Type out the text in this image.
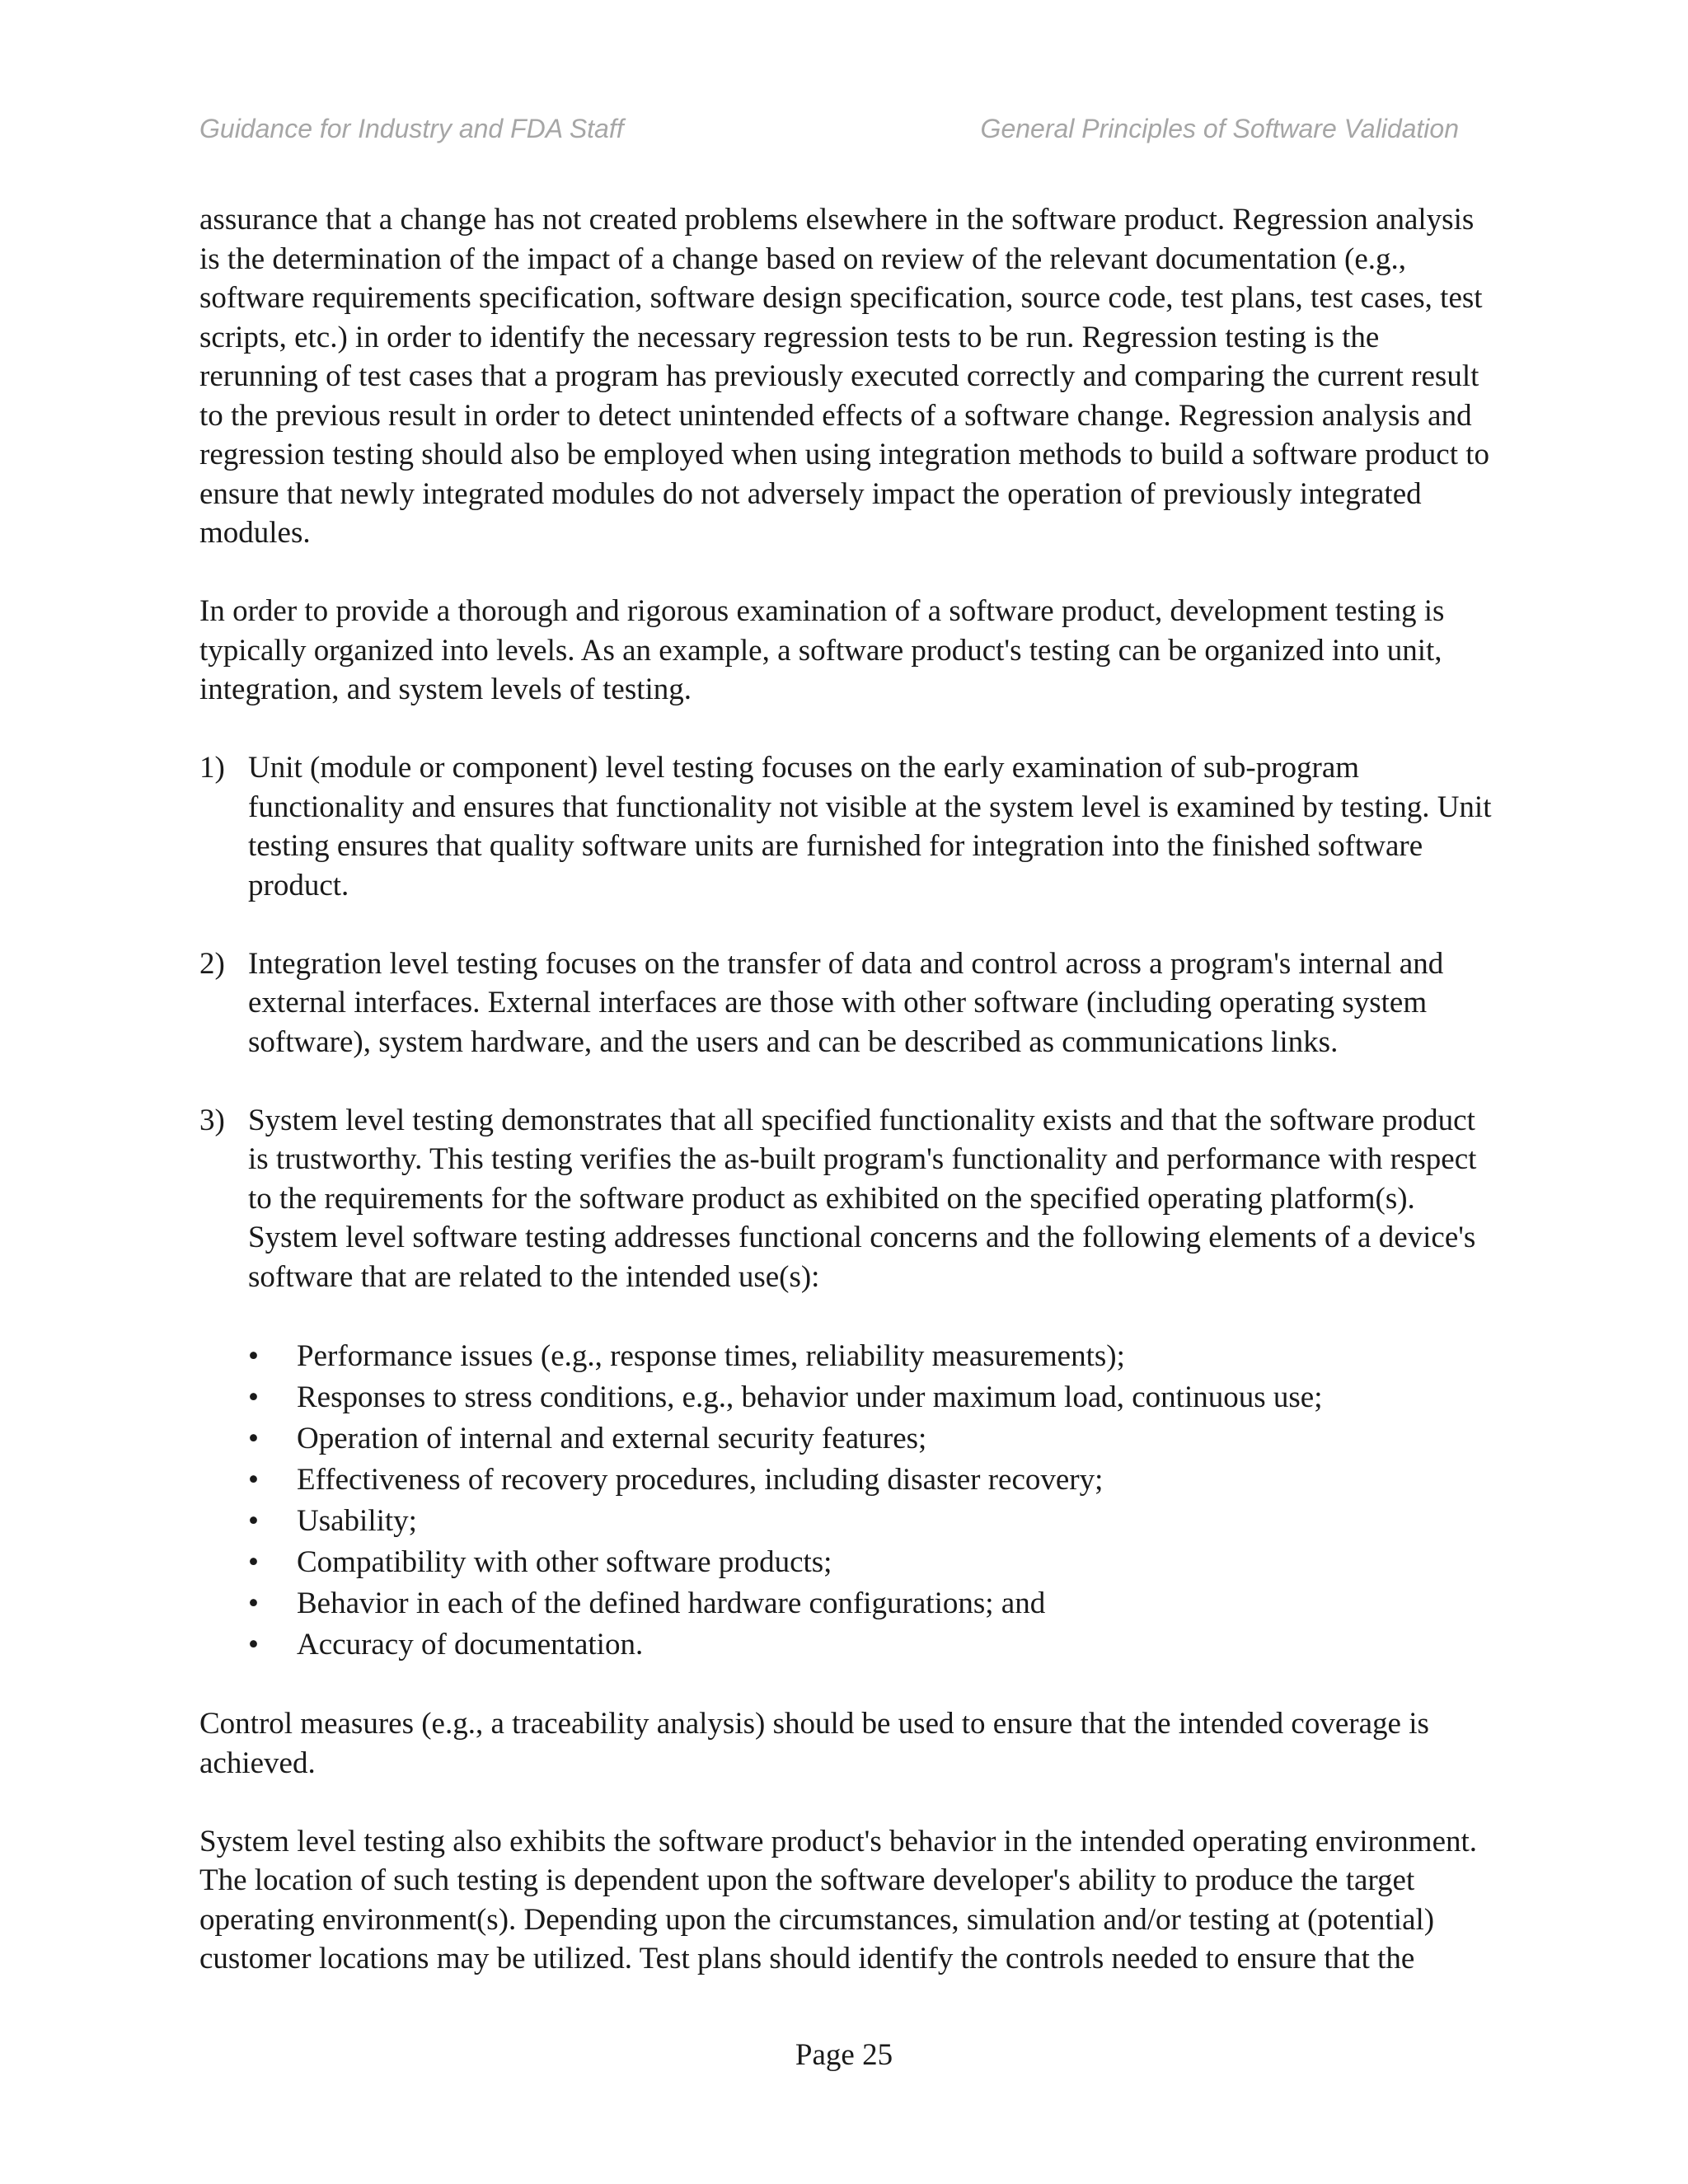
Guidance for Industry and FDA Staff	General Principles of Software Validation

assurance that a change has not created problems elsewhere in the software product. Regression analysis is the determination of the impact of a change based on review of the relevant documentation (e.g., software requirements specification, software design specification, source code, test plans, test cases, test scripts, etc.) in order to identify the necessary regression tests to be run. Regression testing is the rerunning of test cases that a program has previously executed correctly and comparing the current result to the previous result in order to detect unintended effects of a software change. Regression analysis and regression testing should also be employed when using integration methods to build a software product to ensure that newly integrated modules do not adversely impact the operation of previously integrated modules.

In order to provide a thorough and rigorous examination of a software product, development testing is typically organized into levels. As an example, a software product's testing can be organized into unit, integration, and system levels of testing.

1) Unit (module or component) level testing focuses on the early examination of sub-program functionality and ensures that functionality not visible at the system level is examined by testing. Unit testing ensures that quality software units are furnished for integration into the finished software product.
2) Integration level testing focuses on the transfer of data and control across a program's internal and external interfaces. External interfaces are those with other software (including operating system software), system hardware, and the users and can be described as communications links.
3) System level testing demonstrates that all specified functionality exists and that the software product is trustworthy. This testing verifies the as-built program's functionality and performance with respect to the requirements for the software product as exhibited on the specified operating platform(s). System level software testing addresses functional concerns and the following elements of a device's software that are related to the intended use(s):
• Performance issues (e.g., response times, reliability measurements);
• Responses to stress conditions, e.g., behavior under maximum load, continuous use;
• Operation of internal and external security features;
• Effectiveness of recovery procedures, including disaster recovery;
• Usability;
• Compatibility with other software products;
• Behavior in each of the defined hardware configurations; and
• Accuracy of documentation.

Control measures (e.g., a traceability analysis) should be used to ensure that the intended coverage is achieved.

System level testing also exhibits the software product's behavior in the intended operating environment. The location of such testing is dependent upon the software developer's ability to produce the target operating environment(s). Depending upon the circumstances, simulation and/or testing at (potential) customer locations may be utilized. Test plans should identify the controls needed to ensure that the

Page 25
